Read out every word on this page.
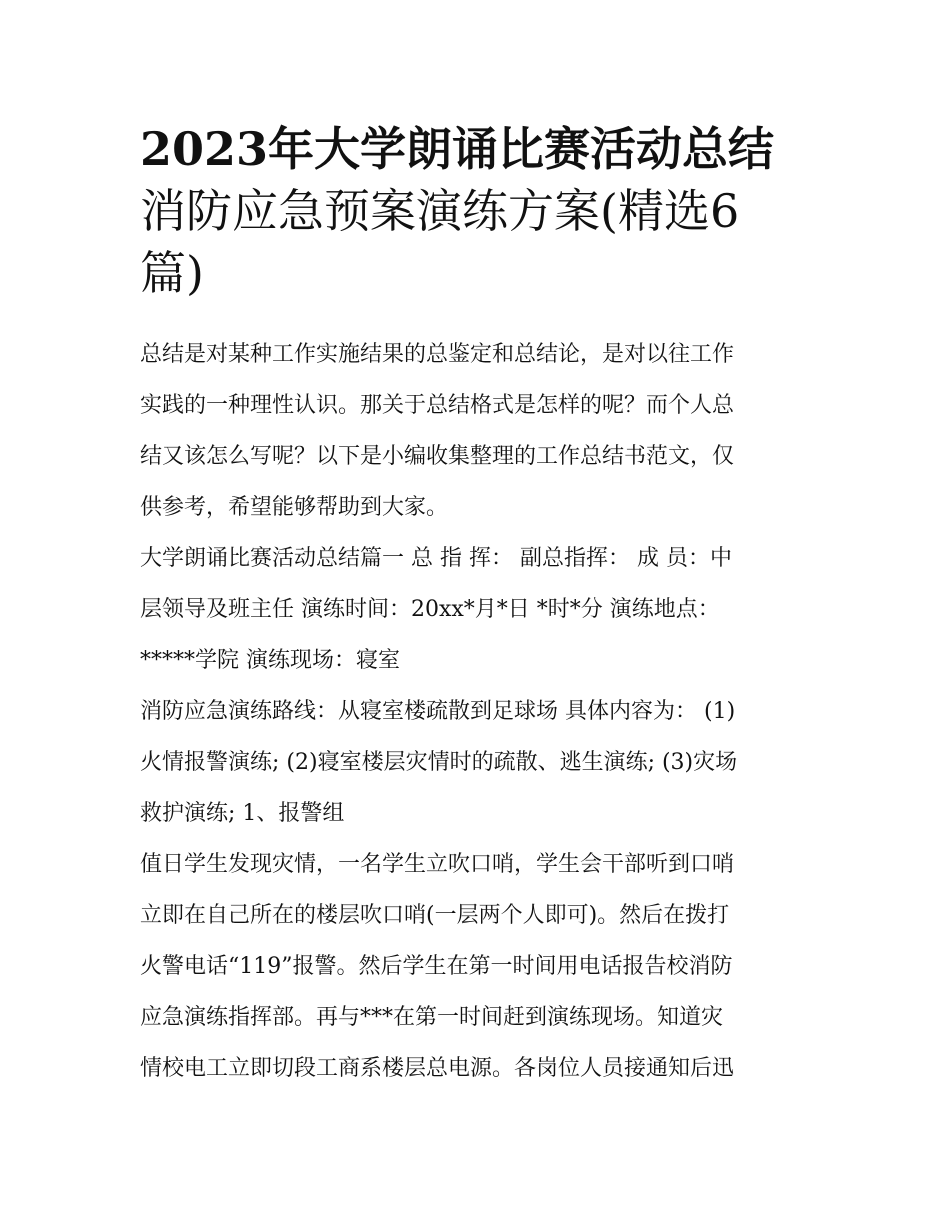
2023年大学朗诵比赛活动总结
消防应急预案演练方案(精选6
篇)

总结是对某种工作实施结果的总鉴定和总结论，是对以往工作
实践的一种理性认识。那关于总结格式是怎样的呢？而个人总
结又该怎么写呢？以下是小编收集整理的工作总结书范文，仅
供参考，希望能够帮助到大家。

大学朗诵比赛活动总结篇一 总 指 挥： 副总指挥： 成 员：中
层领导及班主任 演练时间：20xx*月*日 *时*分 演练地点：
*****学院 演练现场：寝室

消防应急演练路线：从寝室楼疏散到足球场 具体内容为： (1)
火情报警演练; (2)寝室楼层灾情时的疏散、逃生演练; (3)灾场
救护演练; 1、报警组

值日学生发现灾情，一名学生立吹口哨，学生会干部听到口哨
立即在自己所在的楼层吹口哨(一层两个人即可)。然后在拨打
火警电话“119”报警。然后学生在第一时间用电话报告校消防
应急演练指挥部。再与***在第一时间赶到演练现场。知道灾
情校电工立即切段工商系楼层总电源。各岗位人员接通知后迅
